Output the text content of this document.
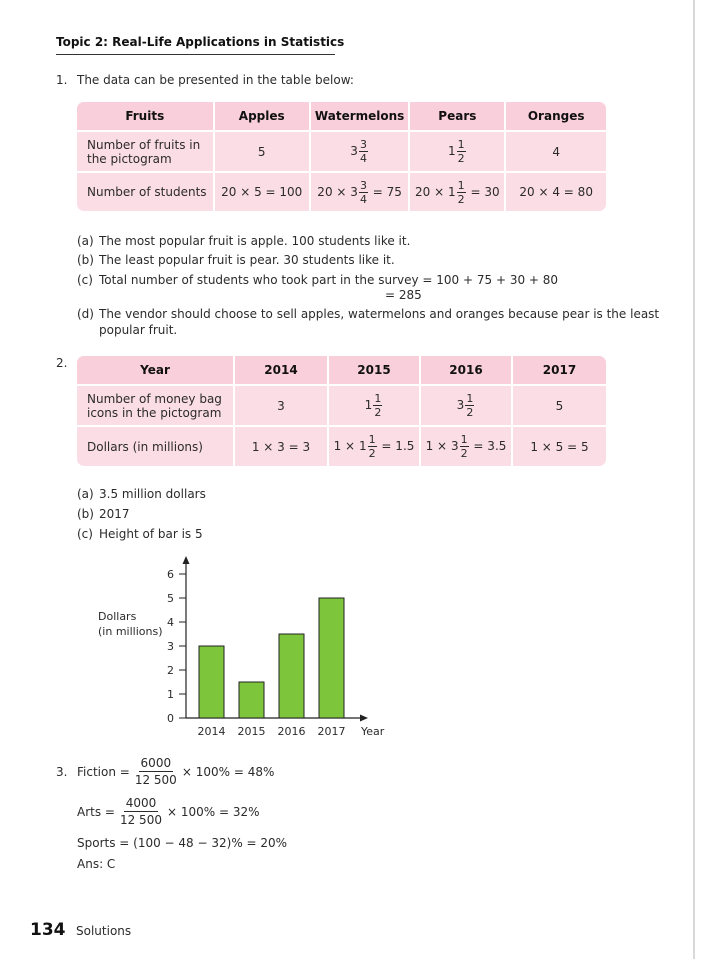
Topic 2: Real-Life Applications in Statistics
1. The data can be presented in the table below:
Fruits	Apples	Watermelons	Pears	Oranges
Number of fruits in the pictogram	5	$3 \frac{3}{4}$	$1 \frac{1}{2}$	4
Number of students	20 × 5 = 100	$20 \times 3 \frac{3}{4} = 75$	$20 \times 1 \frac{1}{2} = 30$	20 × 4 = 80
(a) The most popular fruit is apple. 100 students like it.
(b) The least popular fruit is pear. 30 students like it.
(c) Total number of students who took part in the survey = 100 + 75 + 30 + 80
= 285
(d) The vendor should choose to sell apples, watermelons and oranges because pear is the least
popular fruit.
2.	Year	2014	2015	2016	2017
Number of money bag icons in the pictogram	3	$1 \frac{1}{2}$	$3 \frac{1}{2}$	5
Dollars (in millions)	1 × 3 = 3	$1 \times 1 \frac{1}{2} = 1.5$	$1 \times 3 \frac{1}{2} = 3.5$	1 × 5 = 5
(a) 3.5 million dollars
(b) 2017
(c) Height of bar is 5
0
1
2
3
4
5
6
Dollars
(in millions)
2014 2015 2016 2017 Year
3. Fiction = $\frac{6000}{12 500} \times 100\% = 48\%$
Arts = $\frac{4000}{12 500} \times 100\% = 32\%$
Sports = (100 − 48 − 32)% = 20%
Ans: C
134 Solutions
